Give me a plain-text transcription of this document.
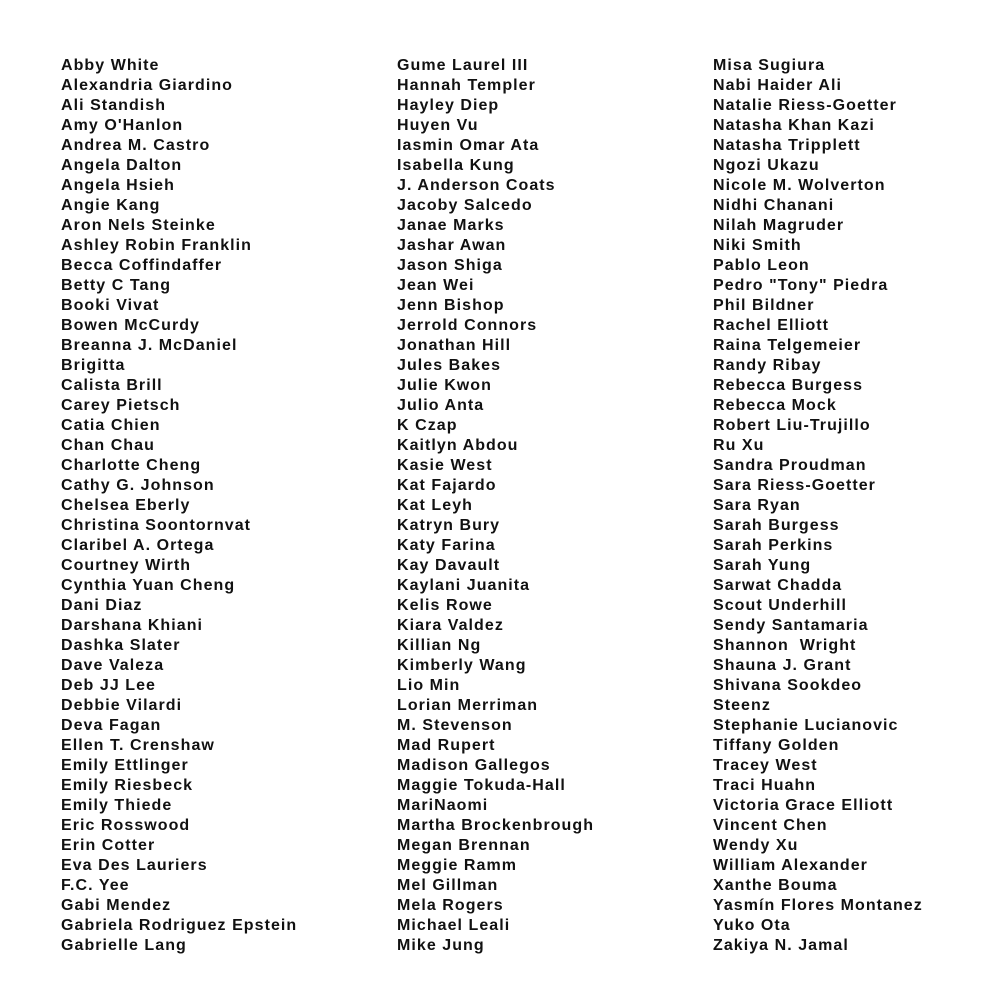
Abby White
Alexandria Giardino
Ali Standish
Amy O'Hanlon
Andrea M. Castro
Angela Dalton
Angela Hsieh
Angie Kang
Aron Nels Steinke
Ashley Robin Franklin
Becca Coffindaffer
Betty C Tang
Booki Vivat
Bowen McCurdy
Breanna J. McDaniel
Brigitta
Calista Brill
Carey Pietsch
Catia Chien
Chan Chau
Charlotte Cheng
Cathy G. Johnson
Chelsea Eberly
Christina Soontornvat
Claribel A. Ortega
Courtney Wirth
Cynthia Yuan Cheng
Dani Diaz
Darshana Khiani
Dashka Slater
Dave Valeza
Deb JJ Lee
Debbie Vilardi
Deva Fagan
Ellen T. Crenshaw
Emily Ettlinger
Emily Riesbeck
Emily Thiede
Eric Rosswood
Erin Cotter
Eva Des Lauriers
F.C. Yee
Gabi Mendez
Gabriela Rodriguez Epstein
Gabrielle Lang
Gume Laurel III
Hannah Templer
Hayley Diep
Huyen Vu
Iasmin Omar Ata
Isabella Kung
J. Anderson Coats
Jacoby Salcedo
Janae Marks
Jashar Awan
Jason Shiga
Jean Wei
Jenn Bishop
Jerrold Connors
Jonathan Hill
Jules Bakes
Julie Kwon
Julio Anta
K Czap
Kaitlyn Abdou
Kasie West
Kat Fajardo
Kat Leyh
Katryn Bury
Katy Farina
Kay Davault
Kaylani Juanita
Kelis Rowe
Kiara Valdez
Killian Ng
Kimberly Wang
Lio Min
Lorian Merriman
M. Stevenson
Mad Rupert
Madison Gallegos
Maggie Tokuda-Hall
MariNaomi
Martha Brockenbrough
Megan Brennan
Meggie Ramm
Mel Gillman
Mela Rogers
Michael Leali
Mike Jung
Misa Sugiura
Nabi Haider Ali
Natalie Riess-Goetter
Natasha Khan Kazi
Natasha Tripplett
Ngozi Ukazu
Nicole M. Wolverton
Nidhi Chanani
Nilah Magruder
Niki Smith
Pablo Leon
Pedro "Tony" Piedra
Phil Bildner
Rachel Elliott
Raina Telgemeier
Randy Ribay
Rebecca Burgess
Rebecca Mock
Robert Liu-Trujillo
Ru Xu
Sandra Proudman
Sara Riess-Goetter
Sara Ryan
Sarah Burgess
Sarah Perkins
Sarah Yung
Sarwat Chadda
Scout Underhill
Sendy Santamaria
Shannon  Wright
Shauna J. Grant
Shivana Sookdeo
Steenz
Stephanie Lucianovic
Tiffany Golden
Tracey West
Traci Huahn
Victoria Grace Elliott
Vincent Chen
Wendy Xu
William Alexander
Xanthe Bouma
Yasmín Flores Montanez
Yuko Ota
Zakiya N. Jamal
